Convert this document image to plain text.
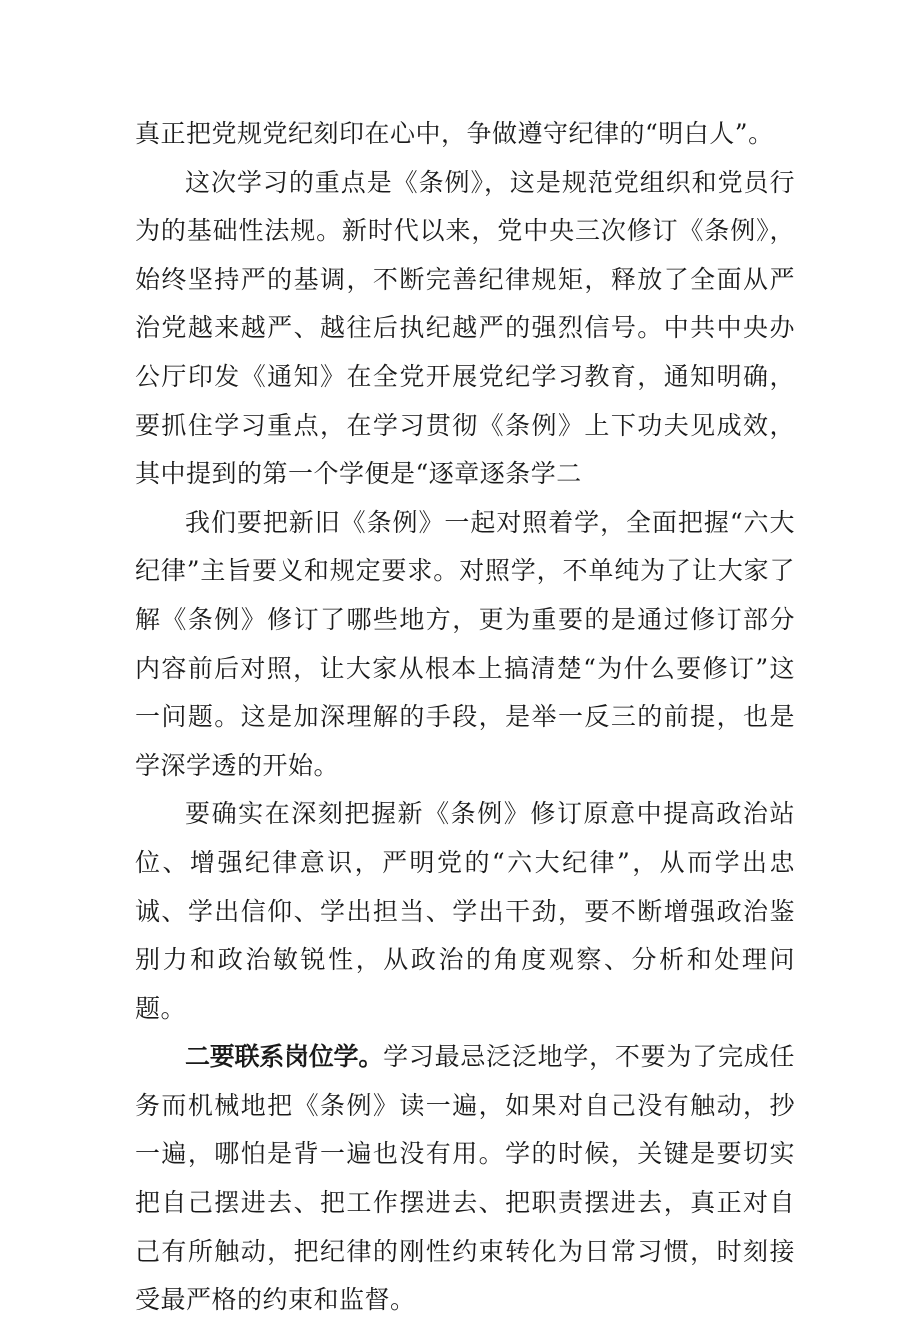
真正把党规党纪刻印在心中，争做遵守纪律的“明白人”。

这次学习的重点是《条例》，这是规范党组织和党员行为的基础性法规。新时代以来，党中央三次修订《条例》，始终坚持严的基调，不断完善纪律规矩，释放了全面从严治党越来越严、越往后执纪越严的强烈信号。中共中央办公厅印发《通知》在全党开展党纪学习教育，通知明确，要抓住学习重点，在学习贯彻《条例》上下功夫见成效，其中提到的第一个学便是“逐章逐条学二

我们要把新旧《条例》一起对照着学，全面把握“六大纪律”主旨要义和规定要求。对照学，不单纯为了让大家了解《条例》修订了哪些地方，更为重要的是通过修订部分内容前后对照，让大家从根本上搞清楚“为什么要修订”这一问题。这是加深理解的手段，是举一反三的前提，也是学深学透的开始。

要确实在深刻把握新《条例》修订原意中提高政治站位、增强纪律意识，严明党的“六大纪律”，从而学出忠诚、学出信仰、学出担当、学出干劲，要不断增强政治鉴别力和政治敏锐性，从政治的角度观察、分析和处理问题。

二要联系岗位学。学习最忌泛泛地学，不要为了完成任务而机械地把《条例》读一遍，如果对自己没有触动，抄一遍，哪怕是背一遍也没有用。学的时候，关键是要切实把自己摆进去、把工作摆进去、把职责摆进去，真正对自己有所触动，把纪律的刚性约束转化为日常习惯，时刻接受最严格的约束和监督。
